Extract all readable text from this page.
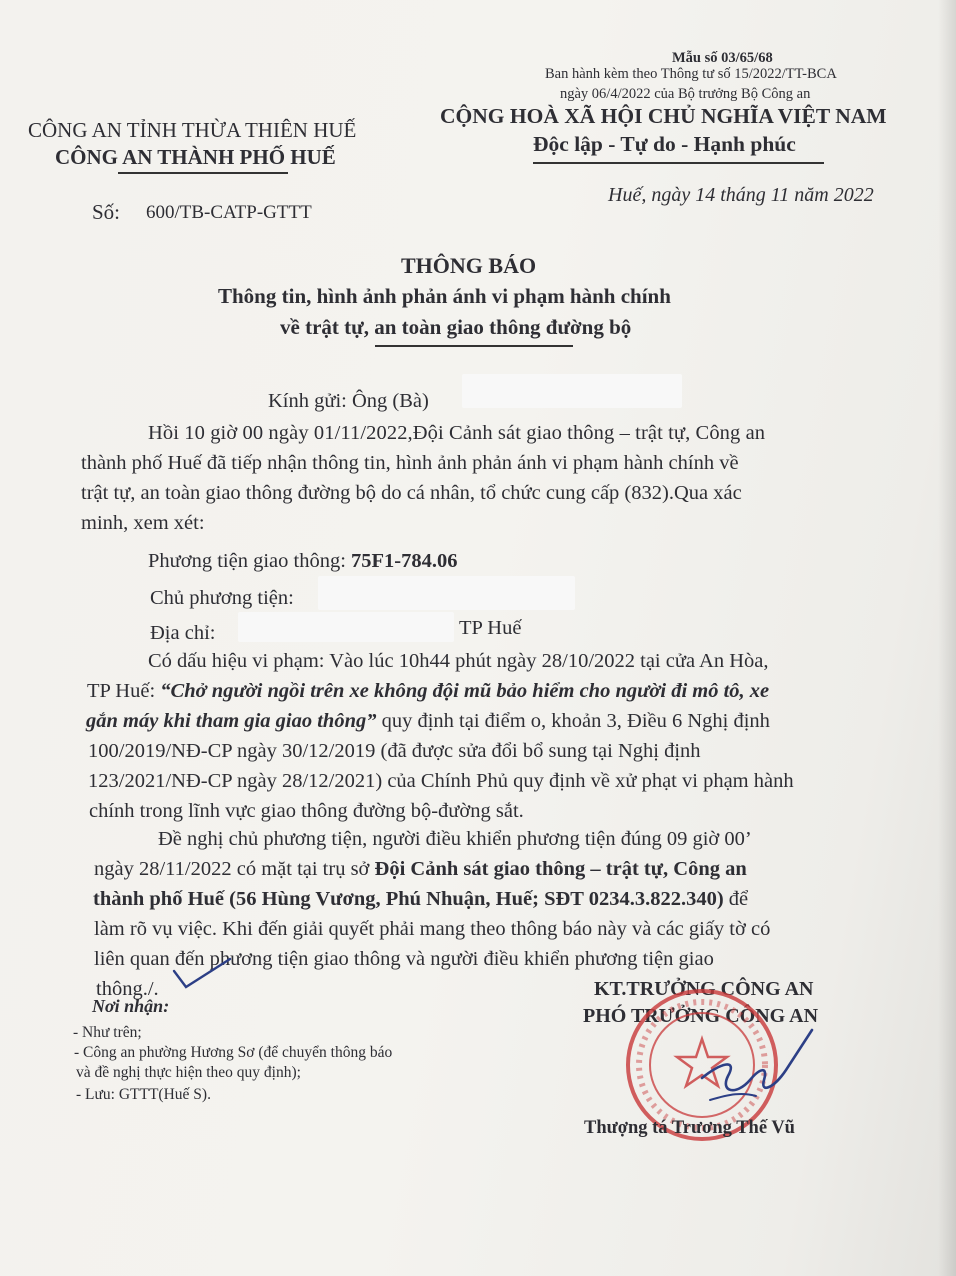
Mẫu số 03/65/68
Ban hành kèm theo Thông tư số 15/2022/TT-BCA
ngày 06/4/2022 của Bộ trưởng Bộ Công an
CÔNG AN TỈNH THỪA THIÊN HUẾ
CÔNG AN THÀNH PHỐ HUẾ
Số: 600/TB-CATP-GTTT
CỘNG HOÀ XÃ HỘI CHỦ NGHĨA VIỆT NAM
Độc lập - Tự do - Hạnh phúc
Huế, ngày 14 tháng 11 năm 2022
THÔNG BÁO
Thông tin, hình ảnh phản ánh vi phạm hành chính
về trật tự, an toàn giao thông đường bộ
Kính gửi: Ông (Bà)
Hồi 10 giờ 00 ngày 01/11/2022,Đội Cảnh sát giao thông – trật tự, Công an
thành phố Huế đã tiếp nhận thông tin, hình ảnh phản ánh vi phạm hành chính về
trật tự, an toàn giao thông đường bộ do cá nhân, tổ chức cung cấp (832).Qua xác
minh, xem xét:
Phương tiện giao thông: 75F1-784.06
Chủ phương tiện:
Địa chỉ:	TP Huế
Có dấu hiệu vi phạm: Vào lúc 10h44 phút ngày 28/10/2022 tại cửa An Hòa,
TP Huế: “Chở người ngồi trên xe không đội mũ bảo hiểm cho người đi mô tô, xe
gắn máy khi tham gia giao thông” quy định tại điểm o, khoản 3, Điều 6 Nghị định
100/2019/NĐ-CP ngày 30/12/2019 (đã được sửa đổi bổ sung tại Nghị định
123/2021/NĐ-CP ngày 28/12/2021) của Chính Phủ quy định về xử phạt vi phạm hành
chính trong lĩnh vực giao thông đường bộ-đường sắt.
Đề nghị chủ phương tiện, người điều khiển phương tiện đúng 09 giờ 00’
ngày 28/11/2022 có mặt tại trụ sở Đội Cảnh sát giao thông – trật tự, Công an
thành phố Huế (56 Hùng Vương, Phú Nhuận, Huế; SĐT 0234.3.822.340) để
làm rõ vụ việc. Khi đến giải quyết phải mang theo thông báo này và các giấy tờ có
liên quan đến phương tiện giao thông và người điều khiển phương tiện giao
thông./.
Nơi nhận:
- Như trên;
- Công an phường Hương Sơ (để chuyển thông báo
và đề nghị thực hiện theo quy định);
- Lưu: GTTT(Huế S).
KT.TRƯỞNG CÔNG AN
PHÓ TRƯỞNG CÔNG AN
Thượng tá Trương Thế Vũ
